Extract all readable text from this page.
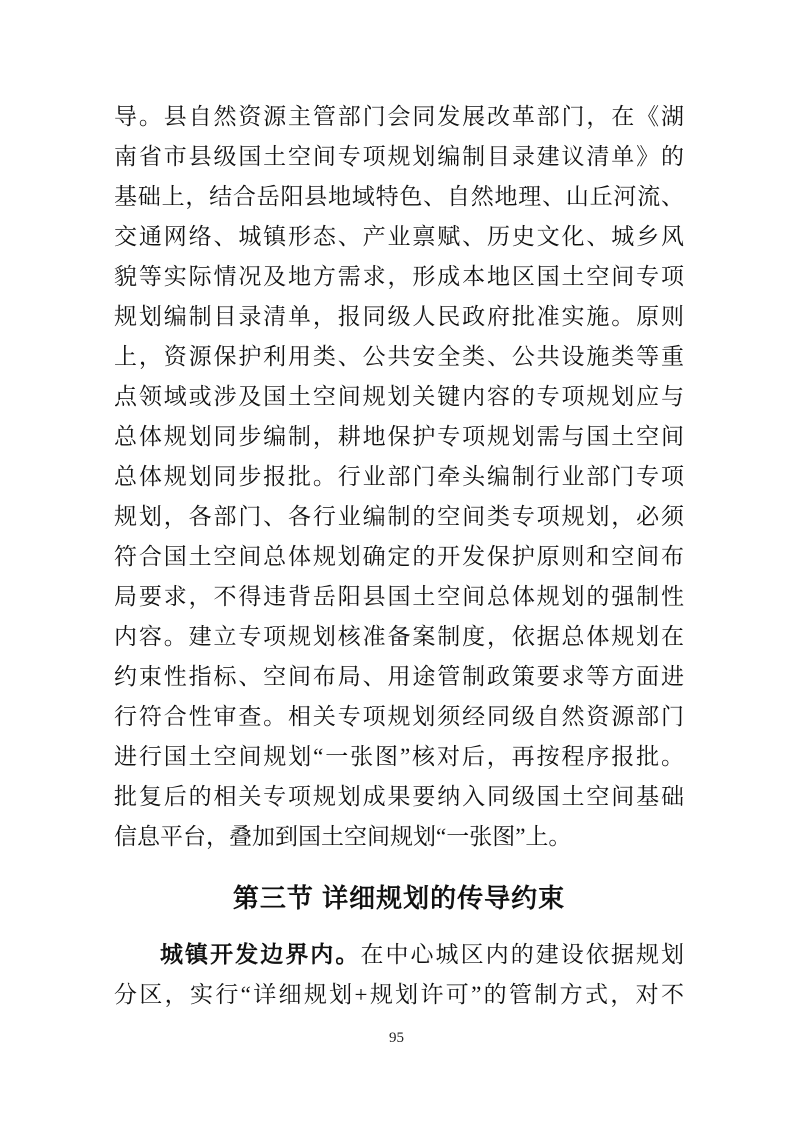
导。县自然资源主管部门会同发展改革部门，在《湖
南省市县级国土空间专项规划编制目录建议清单》的
基础上，结合岳阳县地域特色、自然地理、山丘河流、
交通网络、城镇形态、产业禀赋、历史文化、城乡风
貌等实际情况及地方需求，形成本地区国土空间专项
规划编制目录清单，报同级人民政府批准实施。原则
上，资源保护利用类、公共安全类、公共设施类等重
点领域或涉及国土空间规划关键内容的专项规划应与
总体规划同步编制，耕地保护专项规划需与国土空间
总体规划同步报批。行业部门牵头编制行业部门专项
规划，各部门、各行业编制的空间类专项规划，必须
符合国土空间总体规划确定的开发保护原则和空间布
局要求，不得违背岳阳县国土空间总体规划的强制性
内容。建立专项规划核准备案制度，依据总体规划在
约束性指标、空间布局、用途管制政策要求等方面进
行符合性审查。相关专项规划须经同级自然资源部门
进行国土空间规划“一张图”核对后，再按程序报批。
批复后的相关专项规划成果要纳入同级国土空间基础
信息平台，叠加到国土空间规划“一张图”上。
第三节 详细规划的传导约束
城镇开发边界内。在中心城区内的建设依据规划
分区，实行“详细规划+规划许可”的管制方式，对不
95
